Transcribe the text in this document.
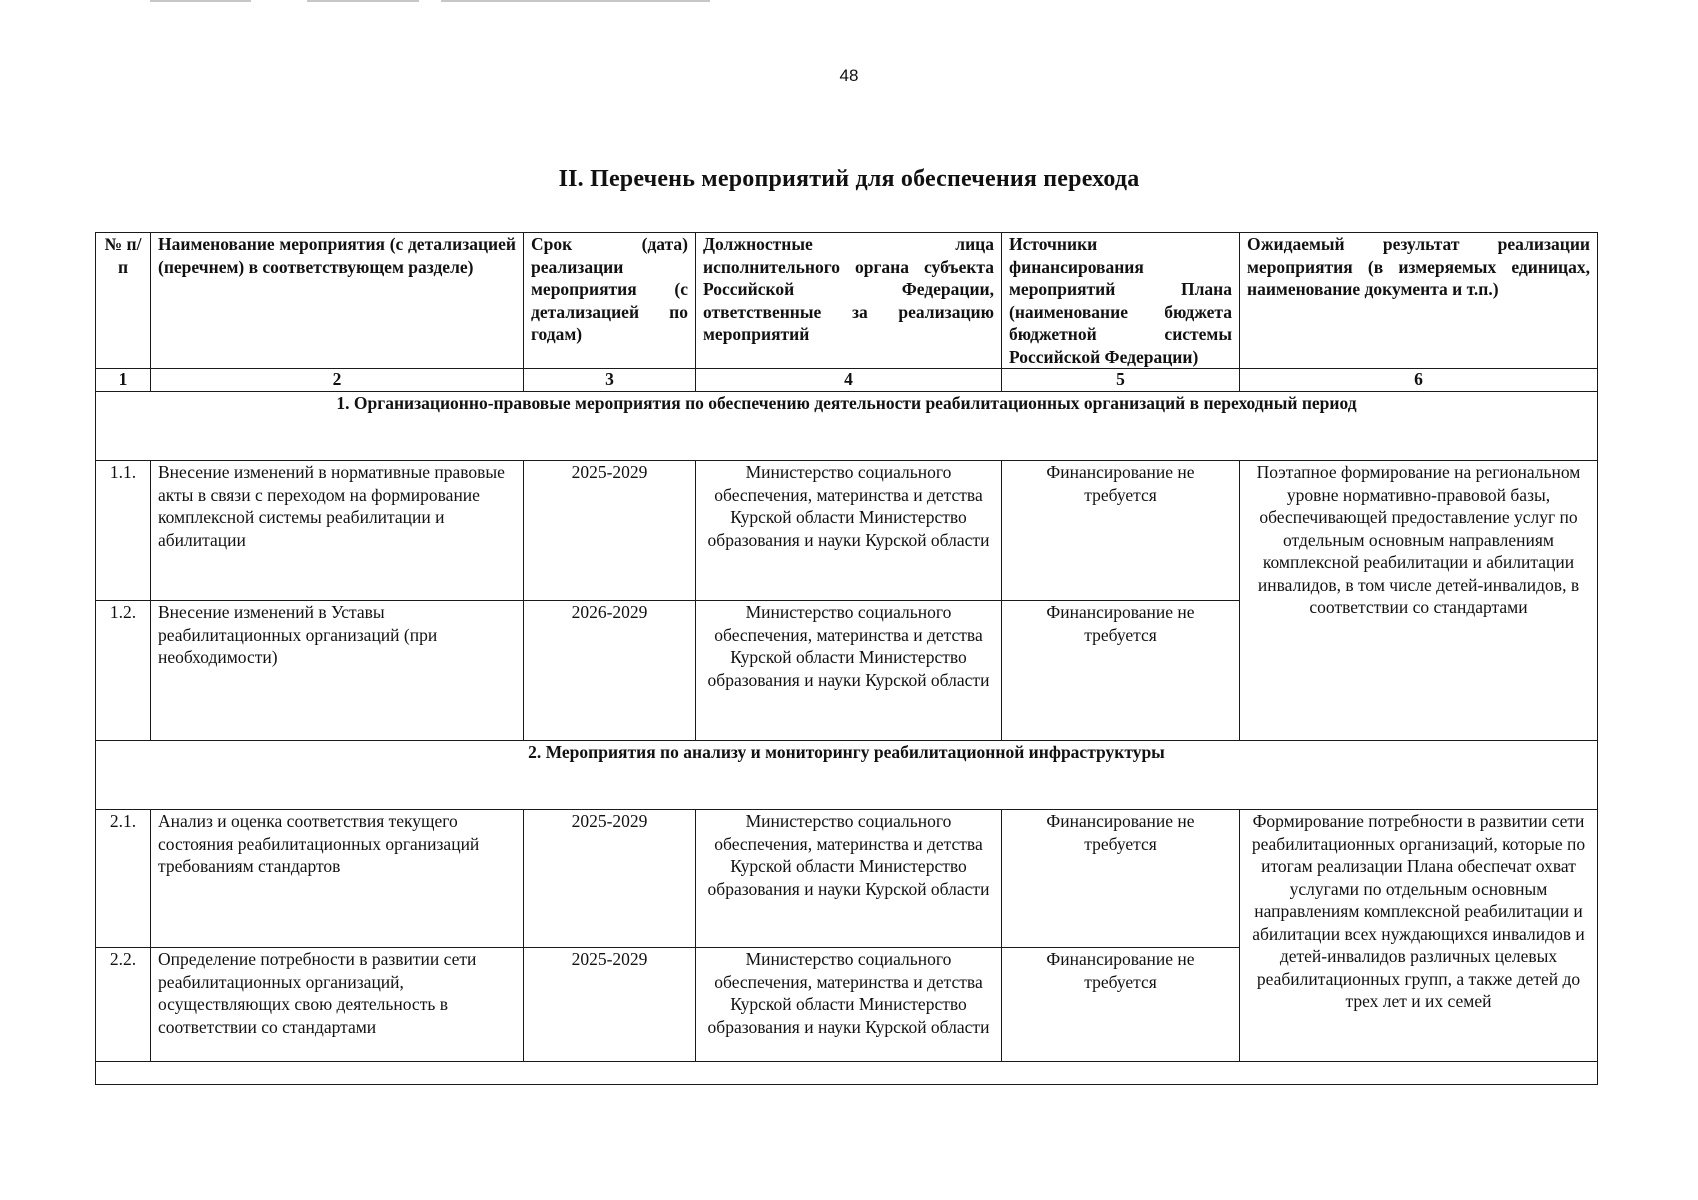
48
II. Перечень мероприятий для обеспечения перехода
№ п/п	Наименование мероприятия (с детализацией (перечнем) в соответствующем разделе)	Срок (дата) реализации мероприятия (с детализацией по годам)	Должностные лица исполнительного органа субъекта Российской Федерации, ответственные за реализацию мероприятий	Источники финансирования мероприятий Плана (наименование бюджета бюджетной системы Российской Федерации)	Ожидаемый результат реализации мероприятия (в измеряемых единицах, наименование документа и т.п.)
1	2	3	4	5	6
1. Организационно-правовые мероприятия по обеспечению деятельности реабилитационных организаций в переходный период					
1.1.	Внесение изменений в нормативные правовые акты в связи с переходом на формирование комплексной системы реабилитации и абилитации	2025-2029	Министерство социального обеспечения, материнства и детства Курской области Министерство образования и науки Курской области	Финансирование не требуется	Поэтапное формирование на региональном уровне нормативно-правовой базы, обеспечивающей предоставление услуг по отдельным основным направлениям комплексной реабилитации и абилитации инвалидов, в том числе детей-инвалидов, в соответствии со стандартами
1.2.	Внесение изменений в Уставы реабилитационных организаций (при необходимости)	2026-2029	Министерство социального обеспечения, материнства и детства Курской области Министерство образования и науки Курской области	Финансирование не требуется	
2. Мероприятия по анализу и мониторингу реабилитационной инфраструктуры					
2.1.	Анализ и оценка соответствия текущего состояния реабилитационных организаций требованиям стандартов	2025-2029	Министерство социального обеспечения, материнства и детства Курской области Министерство образования и науки Курской области	Финансирование не требуется	Формирование потребности в развитии сети реабилитационных организаций, которые по итогам реализации Плана обеспечат охват услугами по отдельным основным направлениям комплексной реабилитации и абилитации всех нуждающихся инвалидов и детей-инвалидов различных целевых реабилитационных групп, а также детей до трех лет и их семей
2.2.	Определение потребности в развитии сети реабилитационных организаций, осуществляющих свою деятельность в соответствии со стандартами	2025-2029	Министерство социального обеспечения, материнства и детства Курской области Министерство образования и науки Курской области	Финансирование не требуется	
